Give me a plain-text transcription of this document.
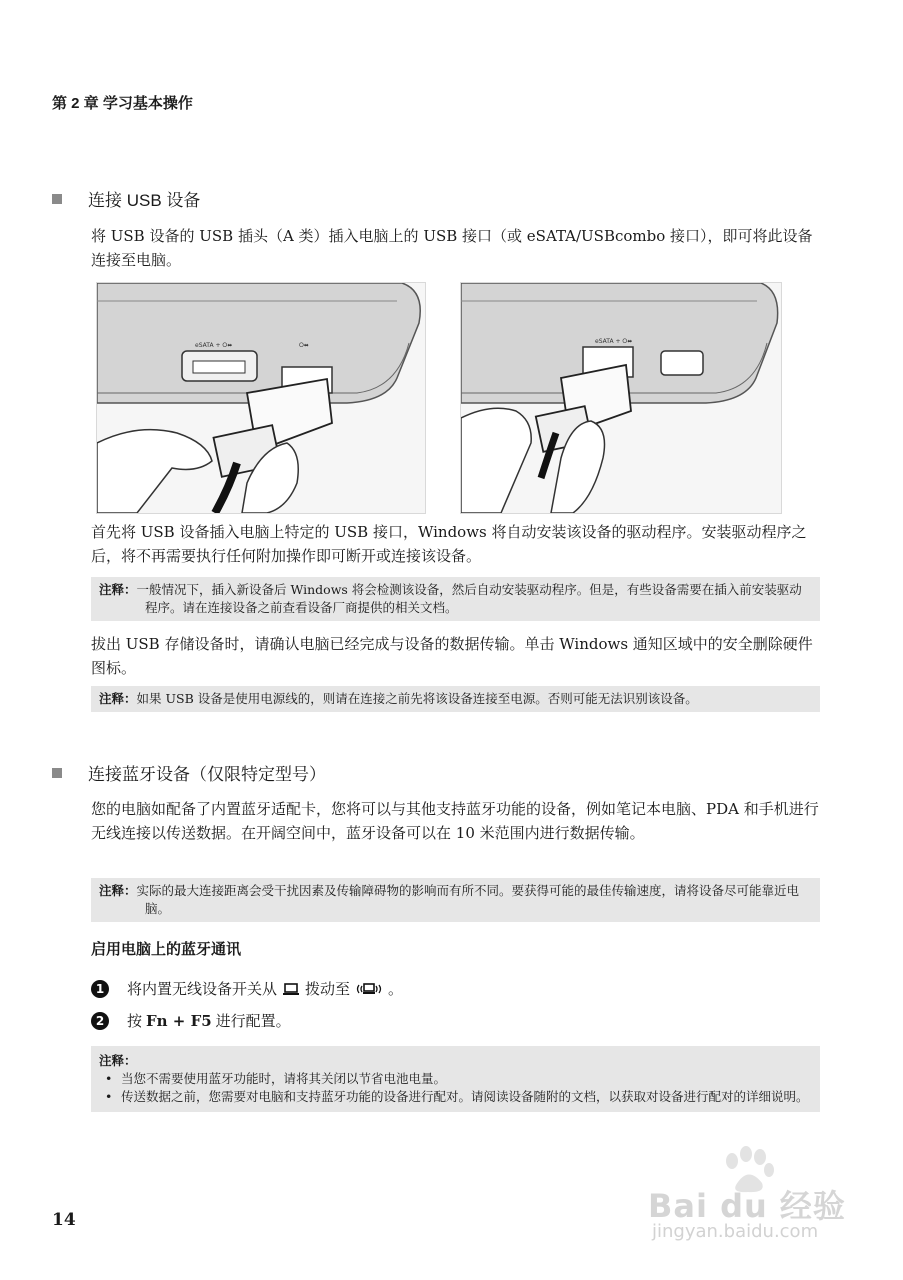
第 2 章 学习基本操作
连接 USB 设备
将 USB 设备的 USB 插头（A 类）插入电脑上的 USB 接口（或 eSATA/USBcombo 接口），即可将此设备连接至电脑。
eSATA + ⭘⬌	⭘⬌
eSATA + ⭘⬌
首先将 USB 设备插入电脑上特定的 USB 接口，Windows 将自动安装该设备的驱动程序。安装驱动程序之后，将不再需要执行任何附加操作即可断开或连接该设备。
注释：一般情况下，插入新设备后 Windows 将会检测该设备，然后自动安装驱动程序。但是，有些设备需要在插入前安装驱动程序。请在连接设备之前查看设备厂商提供的相关文档。
拔出 USB 存储设备时，请确认电脑已经完成与设备的数据传输。单击 Windows 通知区域中的安全删除硬件图标。
注释：如果 USB 设备是使用电源线的，则请在连接之前先将该设备连接至电源。否则可能无法识别该设备。
连接蓝牙设备（仅限特定型号）
您的电脑如配备了内置蓝牙适配卡，您将可以与其他支持蓝牙功能的设备，例如笔记本电脑、PDA 和手机进行无线连接以传送数据。在开阔空间中，蓝牙设备可以在 10 米范围内进行数据传输。
注释：实际的最大连接距离会受干扰因素及传输障碍物的影响而有所不同。要获得可能的最佳传输速度，请将设备尽可能靠近电脑。
启用电脑上的蓝牙通讯
1	将内置无线设备开关从 拨动至	。
2	按 Fn + F5 进行配置。
注释：
• 当您不需要使用蓝牙功能时，请将其关闭以节省电池电量。
• 传送数据之前，您需要对电脑和支持蓝牙功能的设备进行配对。请阅读设备随附的文档，以获取对设备进行配对的详细说明。
14	Bai du 经验
jingyan.baidu.com
